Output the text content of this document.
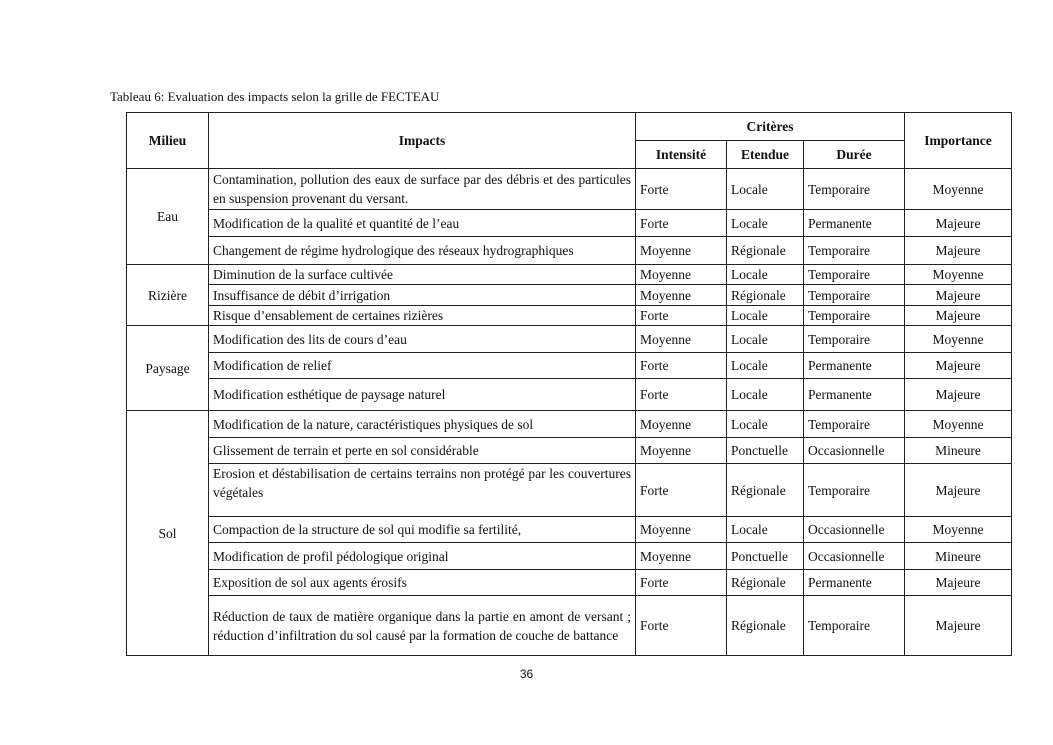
Tableau 6: Evaluation des impacts selon la grille de FECTEAU
Milieu	Impacts	Critères			Importance
		Intensité	Etendue	Durée	
Eau	Contamination, pollution des eaux de surface par des débris et des particules en suspension provenant du versant.	Forte	Locale	Temporaire	Moyenne
	Modification de la qualité et quantité de l’eau	Forte	Locale	Permanente	Majeure
	Changement de régime hydrologique des réseaux hydrographiques	Moyenne	Régionale	Temporaire	Majeure
Rizière	Diminution de la surface cultivée	Moyenne	Locale	Temporaire	Moyenne
	Insuffisance de débit d’irrigation	Moyenne	Régionale	Temporaire	Majeure
	Risque d’ensablement de certaines rizières	Forte	Locale	Temporaire	Majeure
Paysage	Modification des lits de cours d’eau	Moyenne	Locale	Temporaire	Moyenne
	Modification de relief	Forte	Locale	Permanente	Majeure
	Modification esthétique de paysage naturel	Forte	Locale	Permanente	Majeure
Sol	Modification de la nature, caractéristiques physiques de sol	Moyenne	Locale	Temporaire	Moyenne
	Glissement de terrain et perte en sol considérable	Moyenne	Ponctuelle	Occasionnelle	Mineure
	Erosion et déstabilisation de certains terrains non protégé par les couvertures végétales	Forte	Régionale	Temporaire	Majeure
	Compaction de la structure de sol qui modifie sa fertilité,	Moyenne	Locale	Occasionnelle	Moyenne
	Modification de profil pédologique original	Moyenne	Ponctuelle	Occasionnelle	Mineure
	Exposition de sol aux agents érosifs	Forte	Régionale	Permanente	Majeure
	Réduction de taux de matière organique dans la partie en amont de versant ; réduction d’infiltration du sol causé par la formation de couche de battance	Forte	Régionale	Temporaire	Majeure
36
